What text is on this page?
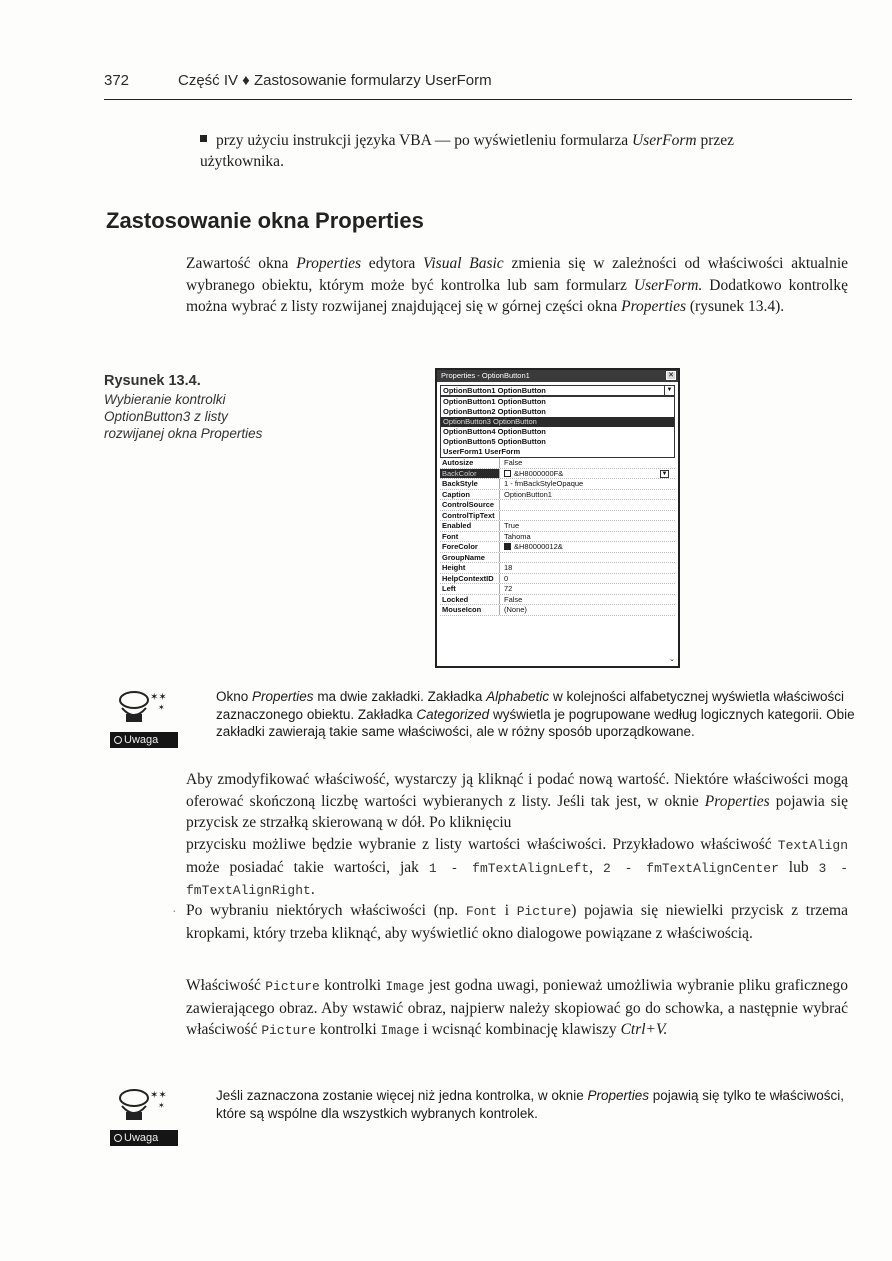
372	Część IV ♦ Zastosowanie formularzy UserForm
przy użyciu instrukcji języka VBA — po wyświetleniu formularza UserForm przez użytkownika.
Zastosowanie okna Properties
Zawartość okna Properties edytora Visual Basic zmienia się w zależności od właściwości aktualnie wybranego obiektu, którym może być kontrolka lub sam formularz UserForm. Dodatkowo kontrolkę można wybrać z listy rozwijanej znajdującej się w górnej części okna Properties (rysunek 13.4).
Rysunek 13.4.
Wybieranie kontrolki OptionButton3 z listy rozwijanej okna Properties
Properties - OptionButton1	✕
OptionButton1 OptionButton	▼
OptionButton1 OptionButton
OptionButton2 OptionButton
OptionButton3 OptionButton
OptionButton4 OptionButton
OptionButton5 OptionButton
UserForm1 UserForm
Autosize	False
BackColor	&H8000000F&	▼
BackStyle	1 - fmBackStyleOpaque
Caption	OptionButton1
ControlSource
ControlTipText
Enabled	True
Font	Tahoma
ForeColor	&H80000012&
GroupName
Height	18
HelpContextID	0
Left	72
Locked	False
MouseIcon	(None)
⌄
✶✶
✶
Uwaga
Okno Properties ma dwie zakładki. Zakładka Alphabetic w kolejności alfabetycznej wyświetla właściwości zaznaczonego obiektu. Zakładka Categorized wyświetla je pogrupowane według logicznych kategorii. Obie zakładki zawierają takie same właściwości, ale w różny sposób uporządkowane.
Aby zmodyfikować właściwość, wystarczy ją kliknąć i podać nową wartość. Niektóre właściwości mogą oferować skończoną liczbę wartości wybieranych z listy. Jeśli tak jest, w oknie Properties pojawia się przycisk ze strzałką skierowaną w dół. Po kliknięciu
przycisku możliwe będzie wybranie z listy wartości właściwości. Przykładowo właściwość TextAlign może posiadać takie wartości, jak 1 - fmTextAlignLeft, 2 - fmTextAlignCenter lub 3 - fmTextAlignRight.
· Po wybraniu niektórych właściwości (np. Font i Picture) pojawia się niewielki przycisk z trzema kropkami, który trzeba kliknąć, aby wyświetlić okno dialogowe powiązane z właściwością.
Właściwość Picture kontrolki Image jest godna uwagi, ponieważ umożliwia wybranie pliku graficznego zawierającego obraz. Aby wstawić obraz, najpierw należy skopiować go do schowka, a następnie wybrać właściwość Picture kontrolki Image i wcisnąć kombinację klawiszy Ctrl+V.
✶✶
✶
Uwaga
Jeśli zaznaczona zostanie więcej niż jedna kontrolka, w oknie Properties pojawią się tylko te właściwości, które są wspólne dla wszystkich wybranych kontrolek.
